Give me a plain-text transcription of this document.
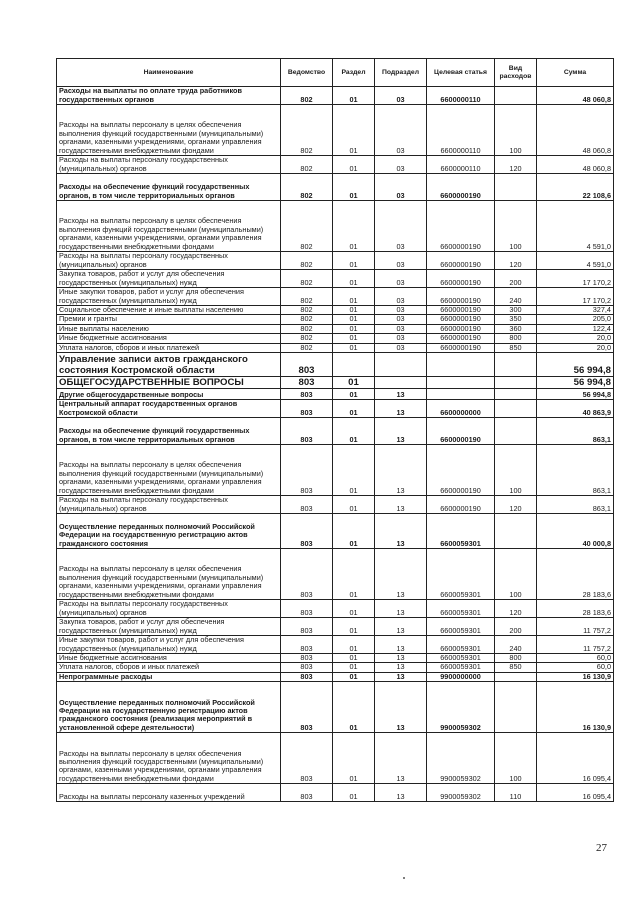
Наименование	Ведомство	Раздел	Подраздел	Целевая статья	Вид расходов	Сумма
Расходы на выплаты по оплате труда работников государственных органов	802	01	03	6600000110		48 060,8
Расходы на выплаты персоналу в целях обеспечения выполнения функций государственными (муниципальными) органами, казенными учреждениями, органами управления государственными внебюджетными фондами	802	01	03	6600000110	100	48 060,8
Расходы на выплаты персоналу государственных (муниципальных) органов	802	01	03	6600000110	120	48 060,8
Расходы на обеспечение функций государственных органов, в том числе территориальных органов	802	01	03	6600000190		22 108,6
Расходы на выплаты персоналу в целях обеспечения выполнения функций государственными (муниципальными) органами, казенными учреждениями, органами управления государственными внебюджетными фондами	802	01	03	6600000190	100	4 591,0
Расходы на выплаты персоналу государственных (муниципальных) органов	802	01	03	6600000190	120	4 591,0
Закупка товаров, работ и услуг для обеспечения государственных (муниципальных) нужд	802	01	03	6600000190	200	17 170,2
Иные закупки товаров, работ и услуг для обеспечения государственных (муниципальных) нужд	802	01	03	6600000190	240	17 170,2
Социальное обеспечение и иные выплаты населению	802	01	03	6600000190	300	327,4
Премии и гранты	802	01	03	6600000190	350	205,0
Иные выплаты населению	802	01	03	6600000190	360	122,4
Иные бюджетные ассигнования	802	01	03	6600000190	800	20,0
Уплата налогов, сборов и иных платежей	802	01	03	6600000190	850	20,0
Управление записи актов гражданского состояния Костромской области	803					56 994,8
ОБЩЕГОСУДАРСТВЕННЫЕ ВОПРОСЫ	803	01				56 994,8
Другие общегосударственные вопросы	803	01	13			56 994,8
Центральный аппарат государственных органов Костромской области	803	01	13	6600000000		40 863,9
Расходы на обеспечение функций государственных органов, в том числе территориальных органов	803	01	13	6600000190		863,1
Расходы на выплаты персоналу в целях обеспечения выполнения функций государственными (муниципальными) органами, казенными учреждениями, органами управления государственными внебюджетными фондами	803	01	13	6600000190	100	863,1
Расходы на выплаты персоналу государственных (муниципальных) органов	803	01	13	6600000190	120	863,1
Осуществление переданных полномочий Российской Федерации на государственную регистрацию актов гражданского состояния	803	01	13	6600059301		40 000,8
Расходы на выплаты персоналу в целях обеспечения выполнения функций государственными (муниципальными) органами, казенными учреждениями, органами управления государственными внебюджетными фондами	803	01	13	6600059301	100	28 183,6
Расходы на выплаты персоналу государственных (муниципальных) органов	803	01	13	6600059301	120	28 183,6
Закупка товаров, работ и услуг для обеспечения государственных (муниципальных) нужд	803	01	13	6600059301	200	11 757,2
Иные закупки товаров, работ и услуг для обеспечения государственных (муниципальных) нужд	803	01	13	6600059301	240	11 757,2
Иные бюджетные ассигнования	803	01	13	6600059301	800	60,0
Уплата налогов, сборов и иных платежей	803	01	13	6600059301	850	60,0
Непрограммные расходы	803	01	13	9900000000		16 130,9
Осуществление переданных полномочий Российской Федерации на государственную регистрацию актов гражданского состояния (реализация мероприятий в установленной сфере деятельности)	803	01	13	9900059302		16 130,9
Расходы на выплаты персоналу в целях обеспечения выполнения функций государственными (муниципальными) органами, казенными учреждениями, органами управления государственными внебюджетными фондами	803	01	13	9900059302	100	16 095,4
Расходы на выплаты персоналу казенных учреждений	803	01	13	9900059302	110	16 095,4
27
